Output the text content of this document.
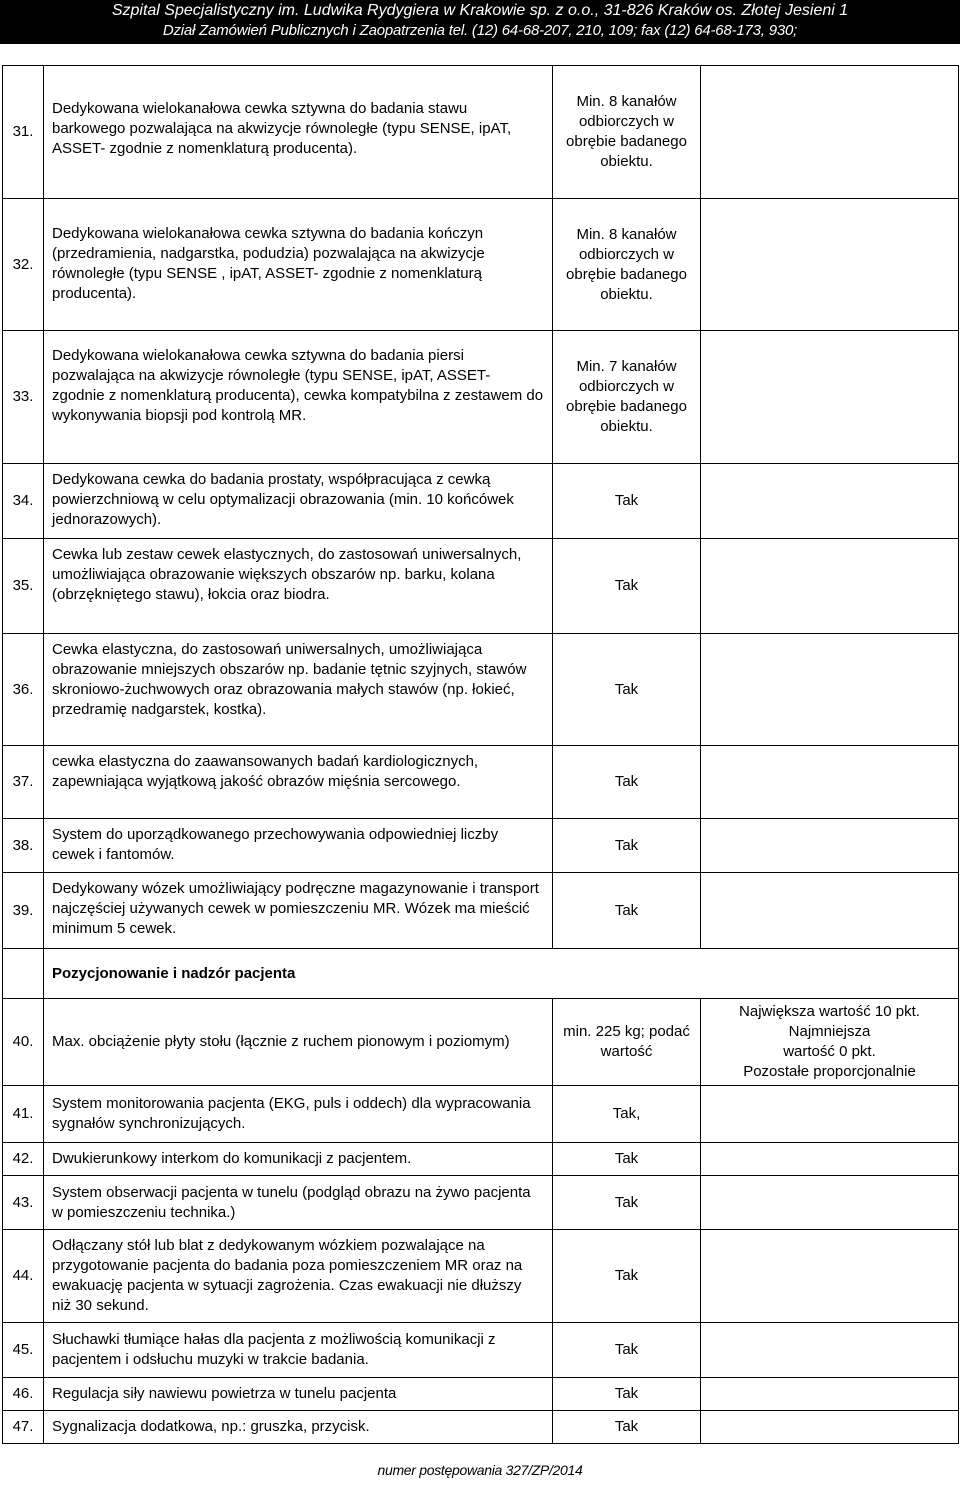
Szpital Specjalistyczny im. Ludwika Rydygiera w Krakowie sp. z o.o., 31-826 Kraków os. Złotej Jesieni 1
Dział Zamówień Publicznych i Zaopatrzenia tel. (12) 64-68-207, 210, 109; fax (12) 64-68-173, 930;
31.	Dedykowana wielokanałowa cewka sztywna do badania stawu barkowego pozwalająca na akwizycje równoległe (typu SENSE, ipAT, ASSET- zgodnie z nomenklaturą producenta).	Min. 8 kanałów odbiorczych w obrębie badanego obiektu.	
32.	Dedykowana wielokanałowa cewka sztywna do badania kończyn (przedramienia, nadgarstka, podudzia) pozwalająca na akwizycje równoległe (typu SENSE , ipAT, ASSET- zgodnie z nomenklaturą producenta).	Min. 8 kanałów odbiorczych w obrębie badanego obiektu.	
33.	Dedykowana wielokanałowa cewka sztywna do badania piersi pozwalająca na akwizycje równoległe (typu SENSE, ipAT, ASSET- zgodnie z nomenklaturą producenta), cewka kompatybilna z zestawem do wykonywania biopsji pod kontrolą MR.	Min. 7 kanałów odbiorczych w obrębie badanego obiektu.	
34.	Dedykowana cewka do badania prostaty, współpracująca z cewką powierzchniową w celu optymalizacji obrazowania (min. 10 końcówek jednorazowych).	Tak	
35.	Cewka lub zestaw cewek elastycznych, do zastosowań uniwersalnych, umożliwiająca obrazowanie większych obszarów np. barku, kolana (obrzękniętego stawu), łokcia oraz biodra.	Tak	
36.	Cewka elastyczna, do zastosowań uniwersalnych, umożliwiająca obrazowanie mniejszych obszarów np. badanie tętnic szyjnych, stawów skroniowo-żuchwowych oraz obrazowania małych stawów (np. łokieć, przedramię nadgarstek, kostka).	Tak	
37.	cewka elastyczna do zaawansowanych badań kardiologicznych, zapewniająca wyjątkową jakość obrazów mięśnia sercowego.	Tak	
38.	System do uporządkowanego przechowywania odpowiedniej liczby cewek i fantomów.	Tak	
39.	Dedykowany wózek umożliwiający podręczne magazynowanie i transport najczęściej używanych cewek w pomieszczeniu MR. Wózek ma mieścić minimum 5 cewek.	Tak	
	Pozycjonowanie i nadzór pacjenta		
40.	Max. obciążenie płyty stołu (łącznie z ruchem pionowym i poziomym)	min. 225 kg; podać wartość	Największa wartość 10 pkt.
Najmniejsza
wartość 0 pkt.
Pozostałe proporcjonalnie

41.	System monitorowania pacjenta (EKG, puls i oddech) dla wypracowania sygnałów synchronizujących.	Tak,	
42.	Dwukierunkowy interkom do komunikacji z pacjentem.	Tak	
43.	System obserwacji pacjenta w tunelu (podgląd obrazu na żywo pacjenta w pomieszczeniu technika.)	Tak	
44.	Odłączany stół lub blat z dedykowanym wózkiem pozwalające na przygotowanie pacjenta do badania poza pomieszczeniem MR oraz na ewakuację pacjenta w sytuacji zagrożenia. Czas ewakuacji nie dłuższy niż 30 sekund.	Tak	
45.	Słuchawki tłumiące hałas dla pacjenta z możliwością komunikacji z pacjentem i odsłuchu muzyki w trakcie badania.	Tak	
46.	Regulacja siły nawiewu powietrza w tunelu pacjenta	Tak	
47.	Sygnalizacja dodatkowa, np.: gruszka, przycisk.	Tak	
numer postępowania 327/ZP/2014
